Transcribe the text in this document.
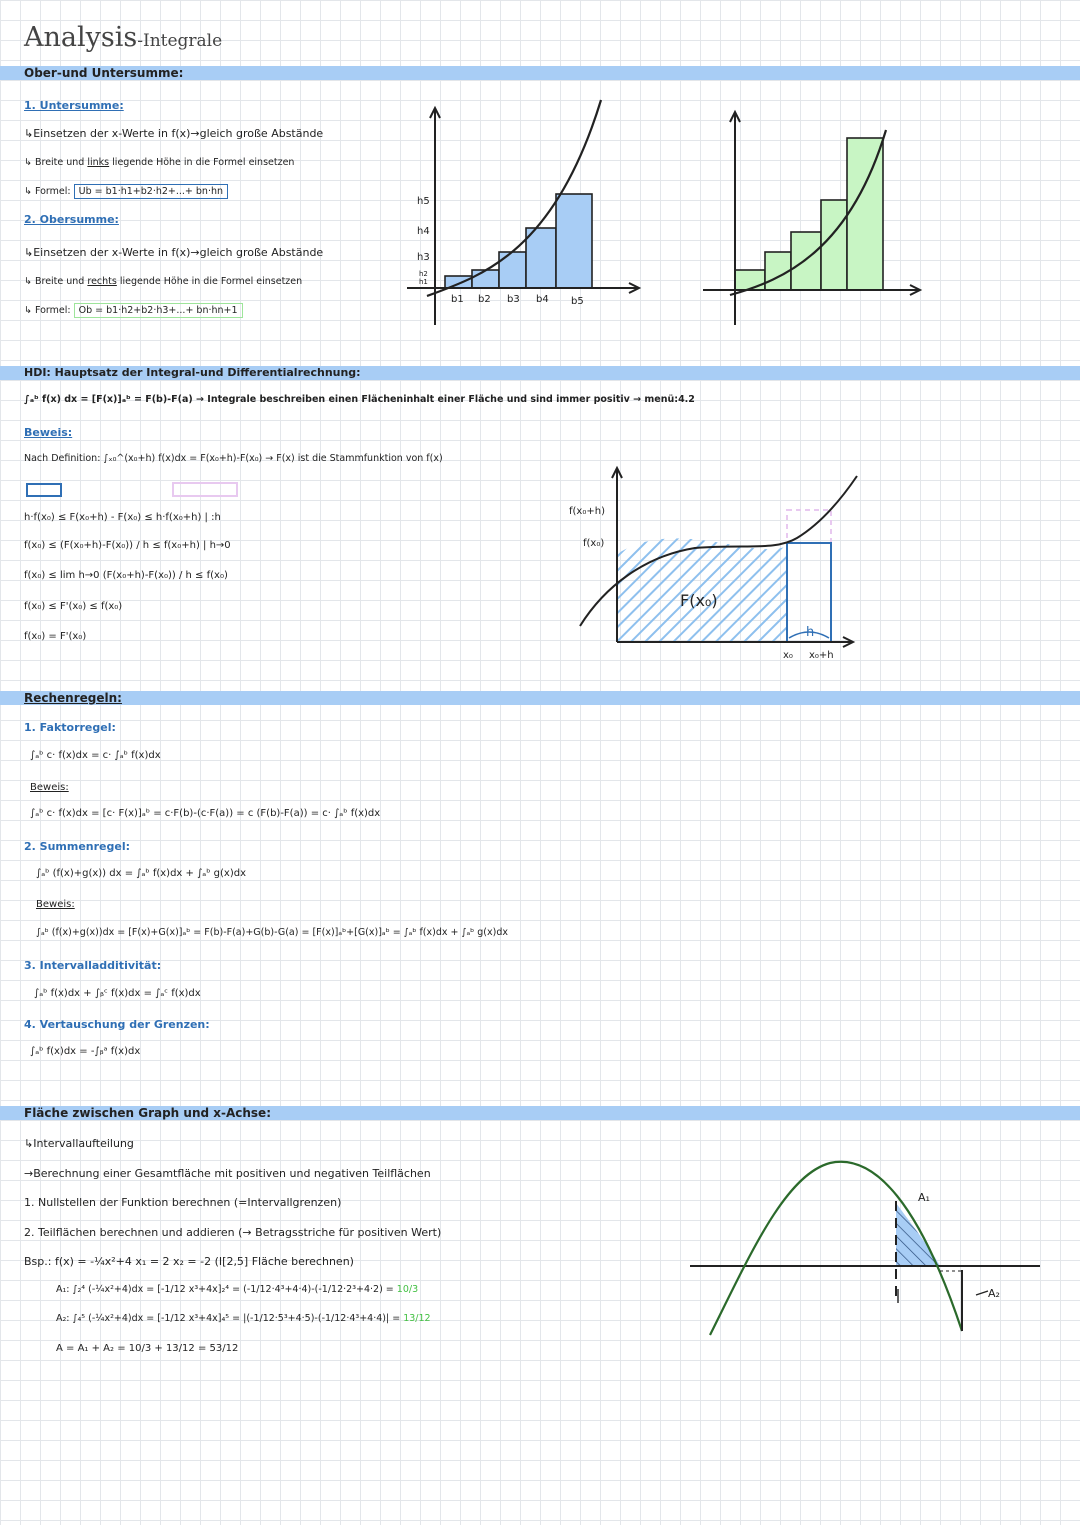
Analysis-Integrale
Ober-und Untersumme:
1. Untersumme:
↳Einsetzen der x-Werte in f(x)→gleich große Abstände
↳ Breite und links liegende Höhe in die Formel einsetzen
↳ Formel: Ub = b1·h1+b2·h2+...+ bn·hn
2. Obersumme:
↳Einsetzen der x-Werte in f(x)→gleich große Abstände
↳ Breite und rechts liegende Höhe in die Formel einsetzen
↳ Formel: Ob = b1·h2+b2·h3+...+ bn·hn+1
h5
h4
h3
h2
h1
b1 b2 b3 b4 b5
HDI: Hauptsatz der Integral-und Differentialrechnung:
∫ₐᵇ f(x) dx = [F(x)]ₐᵇ = F(b)-F(a) → Integrale beschreiben einen Flächeninhalt einer Fläche und sind immer positiv → menü:4.2
Beweis:
Nach Definition: ∫ₓ₀^(x₀+h) f(x)dx = F(x₀+h)-F(x₀) → F(x) ist die Stammfunktion von f(x)
h·f(x₀) ≤ F(x₀+h) - F(x₀) ≤ h·f(x₀+h) | :h
f(x₀) ≤ (F(x₀+h)-F(x₀)) / h ≤ f(x₀+h) | h→0
f(x₀) ≤ lim h→0 (F(x₀+h)-F(x₀)) / h ≤ f(x₀)
f(x₀) ≤ F'(x₀) ≤ f(x₀)
f(x₀) = F'(x₀)
f(x₀+h)
f(x₀)
F(x₀)
h
x₀ x₀+h
Rechenregeln:
1. Faktorregel:
∫ₐᵇ c· f(x)dx = c· ∫ₐᵇ f(x)dx
Beweis:
∫ₐᵇ c· f(x)dx = [c· F(x)]ₐᵇ = c·F(b)-(c·F(a)) = c (F(b)-F(a)) = c· ∫ₐᵇ f(x)dx
2. Summenregel:
∫ₐᵇ (f(x)+g(x)) dx = ∫ₐᵇ f(x)dx + ∫ₐᵇ g(x)dx
Beweis:
∫ₐᵇ (f(x)+g(x))dx = [F(x)+G(x)]ₐᵇ = F(b)-F(a)+G(b)-G(a) = [F(x)]ₐᵇ+[G(x)]ₐᵇ = ∫ₐᵇ f(x)dx + ∫ₐᵇ g(x)dx
3. Intervalladditivität:
∫ₐᵇ f(x)dx + ∫ᵦᶜ f(x)dx = ∫ₐᶜ f(x)dx
4. Vertauschung der Grenzen:
∫ₐᵇ f(x)dx = -∫ᵦᵃ f(x)dx
Fläche zwischen Graph und x-Achse:
↳Intervallaufteilung
→Berechnung einer Gesamtfläche mit positiven und negativen Teilflächen
1. Nullstellen der Funktion berechnen (=Intervallgrenzen)
2. Teilflächen berechnen und addieren (→ Betragsstriche für positiven Wert)
Bsp.: f(x) = -¼x²+4 x₁ = 2 x₂ = -2 (I[2,5] Fläche berechnen)
A₁: ∫₂⁴ (-¼x²+4)dx = [-1/12 x³+4x]₂⁴ = (-1/12·4³+4·4)-(-1/12·2³+4·2) = 10/3
A₂: ∫₄⁵ (-¼x²+4)dx = [-1/12 x³+4x]₄⁵ = |(-1/12·5³+4·5)-(-1/12·4³+4·4)| = 13/12
A = A₁ + A₂ = 10/3 + 13/12 = 53/12
A₁
A₂
